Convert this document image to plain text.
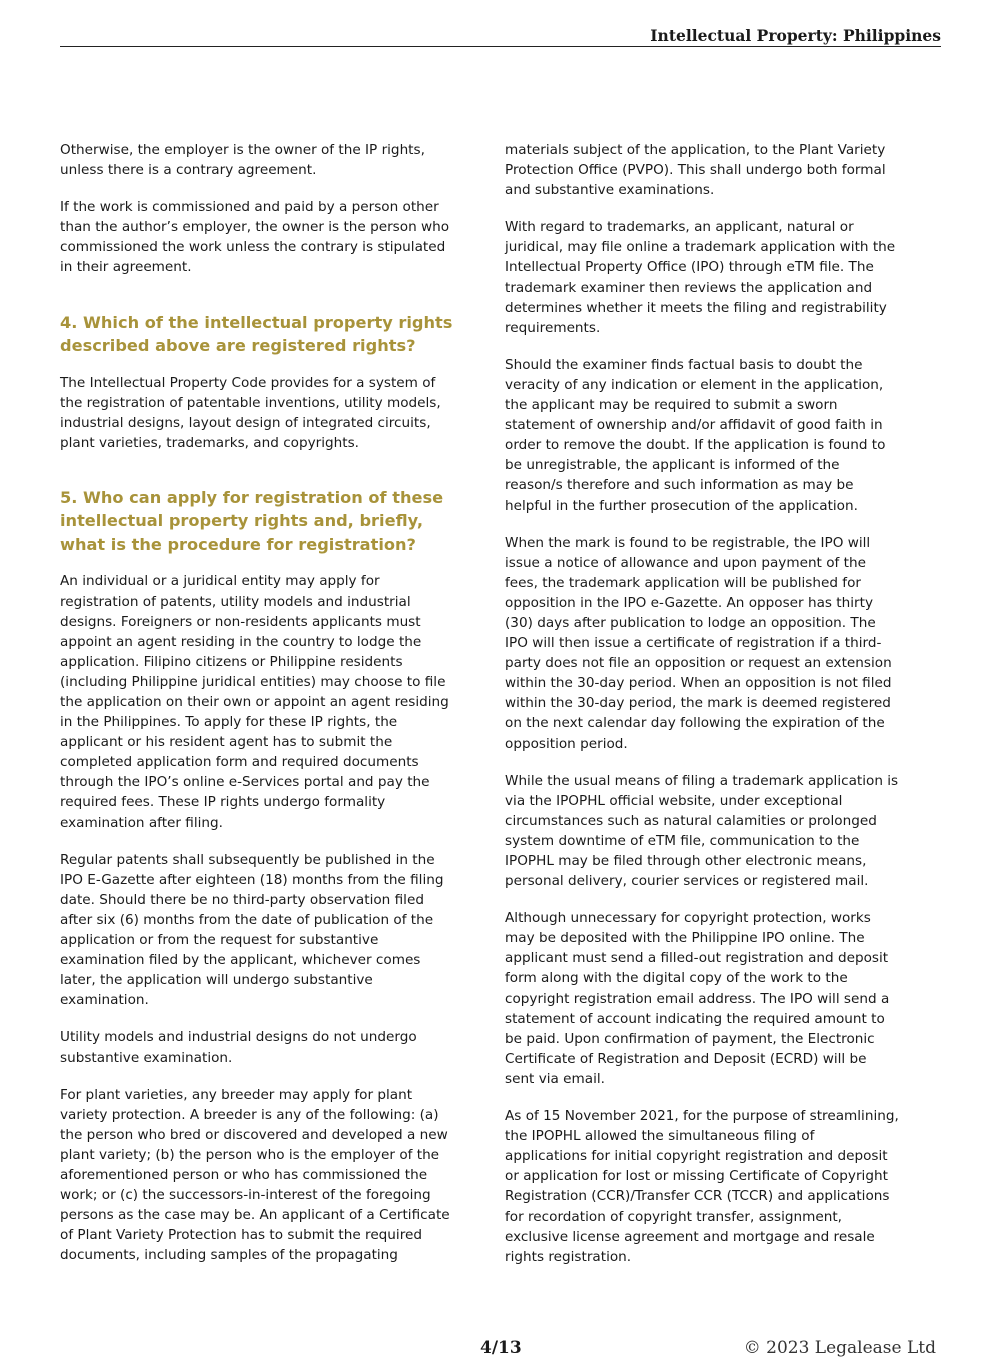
Intellectual Property: Philippines

Otherwise, the employer is the owner of the IP rights, unless there is a contrary agreement.

If the work is commissioned and paid by a person other than the author’s employer, the owner is the person who commissioned the work unless the contrary is stipulated in their agreement.

4. Which of the intellectual property rights described above are registered rights?

The Intellectual Property Code provides for a system of the registration of patentable inventions, utility models, industrial designs, layout design of integrated circuits, plant varieties, trademarks, and copyrights.

5. Who can apply for registration of these intellectual property rights and, briefly, what is the procedure for registration?

An individual or a juridical entity may apply for registration of patents, utility models and industrial designs. Foreigners or non-residents applicants must appoint an agent residing in the country to lodge the application. Filipino citizens or Philippine residents (including Philippine juridical entities) may choose to file the application on their own or appoint an agent residing in the Philippines. To apply for these IP rights, the applicant or his resident agent has to submit the completed application form and required documents through the IPO’s online e-Services portal and pay the required fees. These IP rights undergo formality examination after filing.

Regular patents shall subsequently be published in the IPO E-Gazette after eighteen (18) months from the filing date. Should there be no third-party observation filed after six (6) months from the date of publication of the application or from the request for substantive examination filed by the applicant, whichever comes later, the application will undergo substantive examination.

Utility models and industrial designs do not undergo substantive examination.

For plant varieties, any breeder may apply for plant variety protection. A breeder is any of the following: (a) the person who bred or discovered and developed a new plant variety; (b) the person who is the employer of the aforementioned person or who has commissioned the work; or (c) the successors-in-interest of the foregoing persons as the case may be. An applicant of a Certificate of Plant Variety Protection has to submit the required documents, including samples of the propagating

materials subject of the application, to the Plant Variety Protection Office (PVPO). This shall undergo both formal and substantive examinations.

With regard to trademarks, an applicant, natural or juridical, may file online a trademark application with the Intellectual Property Office (IPO) through eTM file. The trademark examiner then reviews the application and determines whether it meets the filing and registrability requirements.

Should the examiner finds factual basis to doubt the veracity of any indication or element in the application, the applicant may be required to submit a sworn statement of ownership and/or affidavit of good faith in order to remove the doubt. If the application is found to be unregistrable, the applicant is informed of the reason/s therefore and such information as may be helpful in the further prosecution of the application.

When the mark is found to be registrable, the IPO will issue a notice of allowance and upon payment of the fees, the trademark application will be published for opposition in the IPO e-Gazette. An opposer has thirty (30) days after publication to lodge an opposition. The IPO will then issue a certificate of registration if a third-party does not file an opposition or request an extension within the 30-day period. When an opposition is not filed within the 30-day period, the mark is deemed registered on the next calendar day following the expiration of the opposition period.

While the usual means of filing a trademark application is via the IPOPHL official website, under exceptional circumstances such as natural calamities or prolonged system downtime of eTM file, communication to the IPOPHL may be filed through other electronic means, personal delivery, courier services or registered mail.

Although unnecessary for copyright protection, works may be deposited with the Philippine IPO online. The applicant must send a filled-out registration and deposit form along with the digital copy of the work to the copyright registration email address. The IPO will send a statement of account indicating the required amount to be paid. Upon confirmation of payment, the Electronic Certificate of Registration and Deposit (ECRD) will be sent via email.

As of 15 November 2021, for the purpose of streamlining, the IPOPHL allowed the simultaneous filing of applications for initial copyright registration and deposit or application for lost or missing Certificate of Copyright Registration (CCR)/Transfer CCR (TCCR) and applications for recordation of copyright transfer, assignment, exclusive license agreement and mortgage and resale rights registration.

4/13	© 2023 Legalease Ltd
